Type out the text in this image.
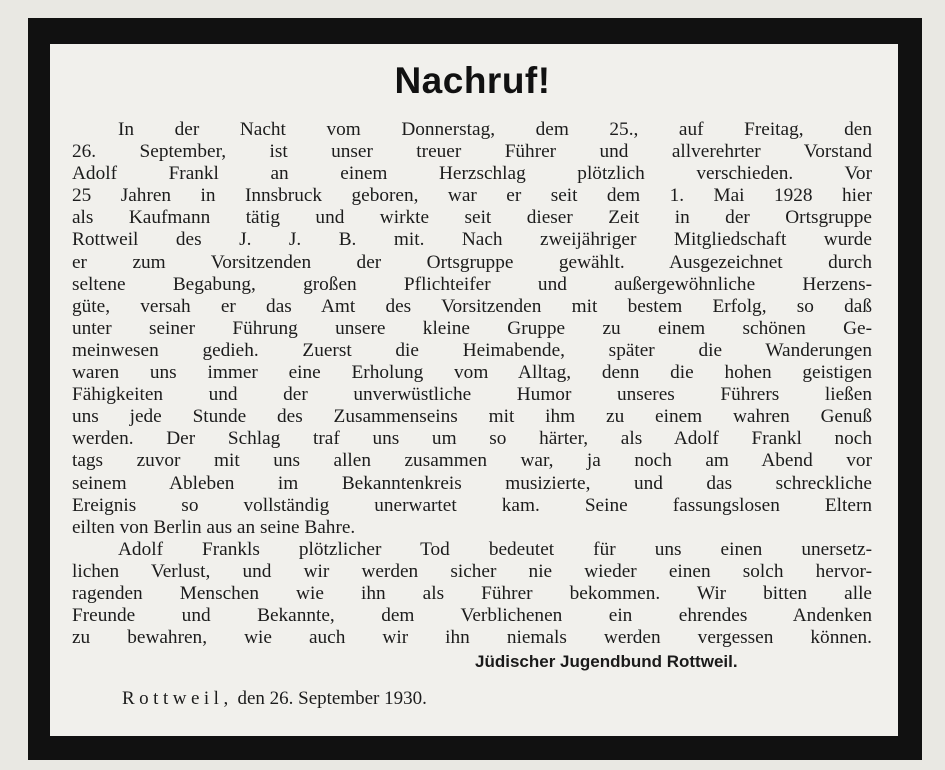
Nachruf!
In der Nacht vom Donnerstag, dem 25., auf Freitag, den
26. September, ist unser treuer Führer und allverehrter Vorstand
Adolf Frankl an einem Herzschlag plötzlich verschieden. Vor
25 Jahren in Innsbruck geboren, war er seit dem 1. Mai 1928 hier
als Kaufmann tätig und wirkte seit dieser Zeit in der Ortsgruppe
Rottweil des J. J. B. mit. Nach zweijähriger Mitgliedschaft wurde
er zum Vorsitzenden der Ortsgruppe gewählt. Ausgezeichnet durch
seltene Begabung, großen Pflichteifer und außergewöhnliche Herzens-
güte, versah er das Amt des Vorsitzenden mit bestem Erfolg, so daß
unter seiner Führung unsere kleine Gruppe zu einem schönen Ge-
meinwesen gedieh. Zuerst die Heimabende, später die Wanderungen
waren uns immer eine Erholung vom Alltag, denn die hohen geistigen
Fähigkeiten und der unverwüstliche Humor unseres Führers ließen
uns jede Stunde des Zusammenseins mit ihm zu einem wahren Genuß
werden. Der Schlag traf uns um so härter, als Adolf Frankl noch
tags zuvor mit uns allen zusammen war, ja noch am Abend vor
seinem Ableben im Bekanntenkreis musizierte, und das schreckliche
Ereignis so vollständig unerwartet kam. Seine fassungslosen Eltern
eilten von Berlin aus an seine Bahre.
Adolf Frankls plötzlicher Tod bedeutet für uns einen unersetz-
lichen Verlust, und wir werden sicher nie wieder einen solch hervor-
ragenden Menschen wie ihn als Führer bekommen. Wir bitten alle
Freunde und Bekannte, dem Verblichenen ein ehrendes Andenken
zu bewahren, wie auch wir ihn niemals werden vergessen können.
Jüdischer Jugendbund Rottweil.
Rottweil, den 26. September 1930.
